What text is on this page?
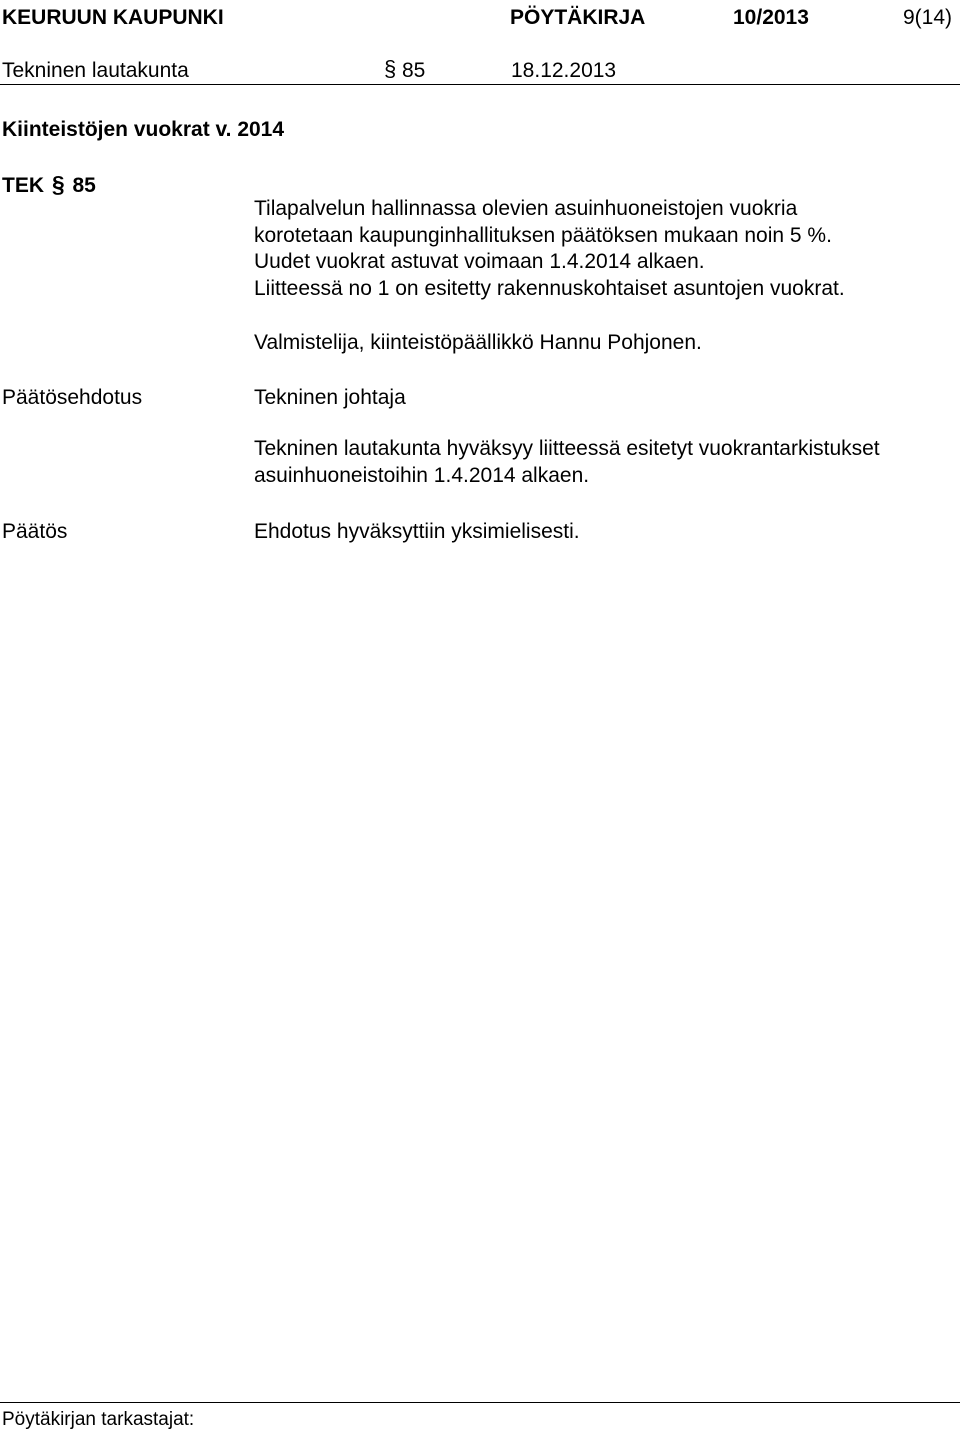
KEURUUN KAUPUNKI	PÖYTÄKIRJA	10/2013	9(14)
Tekninen lautakunta	§ 85	18.12.2013
Kiinteistöjen vuokrat v. 2014
TEK § 85
Tilapalvelun hallinnassa olevien asuinhuoneistojen vuokria
korotetaan kaupunginhallituksen päätöksen mukaan noin 5 %.
Uudet vuokrat astuvat voimaan 1.4.2014 alkaen.
Liitteessä no 1 on esitetty rakennuskohtaiset asuntojen vuokrat.
Valmistelija, kiinteistöpäällikkö Hannu Pohjonen.
Päätösehdotus	Tekninen johtaja
Tekninen lautakunta hyväksyy liitteessä esitetyt vuokrantarkistukset
asuinhuoneistoihin 1.4.2014 alkaen.
Päätös	Ehdotus hyväksyttiin yksimielisesti.
Pöytäkirjan tarkastajat:
